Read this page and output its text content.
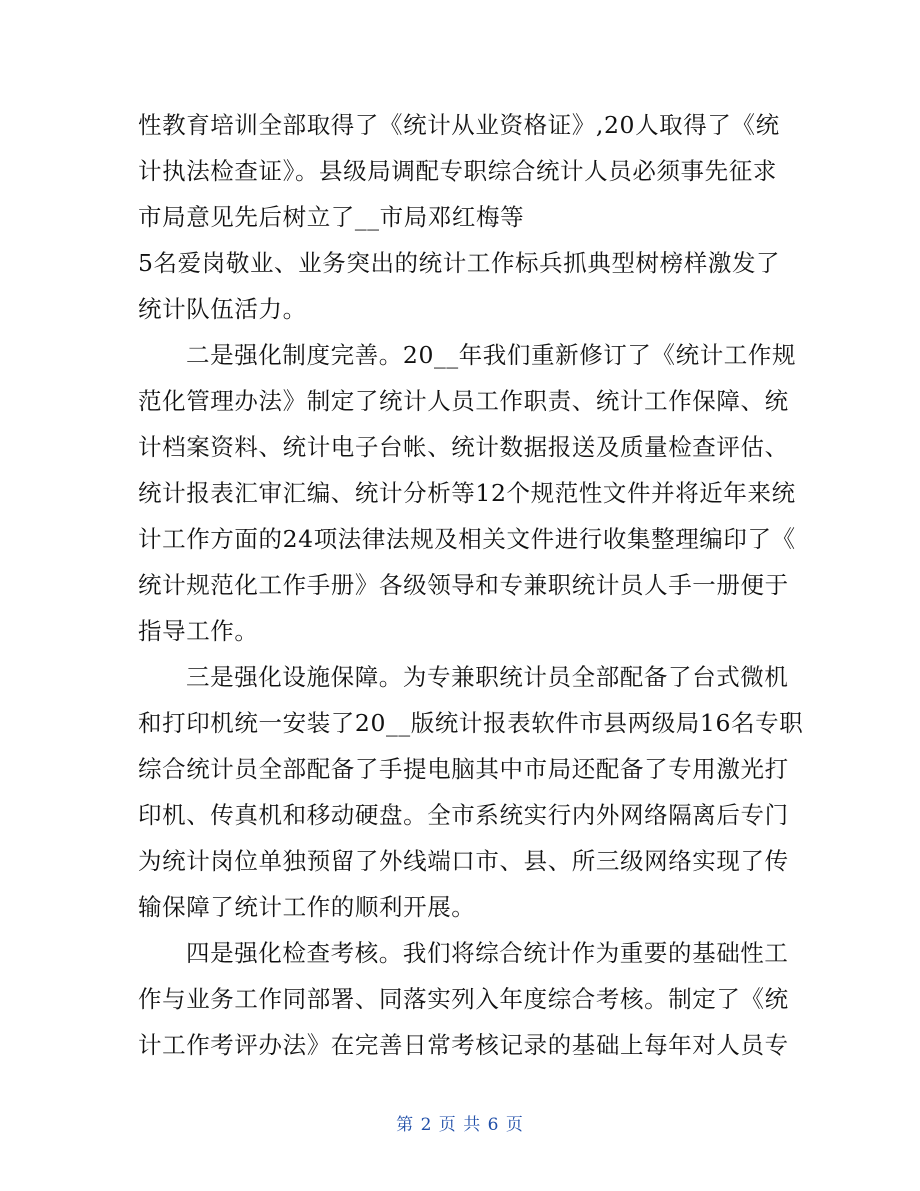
性教育培训全部取得了《统计从业资格证》,20人取得了《统
计执法检查证》。县级局调配专职综合统计人员必须事先征求
市局意见先后树立了__市局邓红梅等
5名爱岗敬业、业务突出的统计工作标兵抓典型树榜样激发了
统计队伍活力。
二是强化制度完善。20__年我们重新修订了《统计工作规
范化管理办法》制定了统计人员工作职责、统计工作保障、统
计档案资料、统计电子台帐、统计数据报送及质量检查评估、
统计报表汇审汇编、统计分析等12个规范性文件并将近年来统
计工作方面的24项法律法规及相关文件进行收集整理编印了《
统计规范化工作手册》各级领导和专兼职统计员人手一册便于
指导工作。
三是强化设施保障。为专兼职统计员全部配备了台式微机
和打印机统一安装了20__版统计报表软件市县两级局16名专职
综合统计员全部配备了手提电脑其中市局还配备了专用激光打
印机、传真机和移动硬盘。全市系统实行内外网络隔离后专门
为统计岗位单独预留了外线端口市、县、所三级网络实现了传
输保障了统计工作的顺利开展。
四是强化检查考核。我们将综合统计作为重要的基础性工
作与业务工作同部署、同落实列入年度综合考核。制定了《统
计工作考评办法》在完善日常考核记录的基础上每年对人员专
第 2 页 共 6 页
